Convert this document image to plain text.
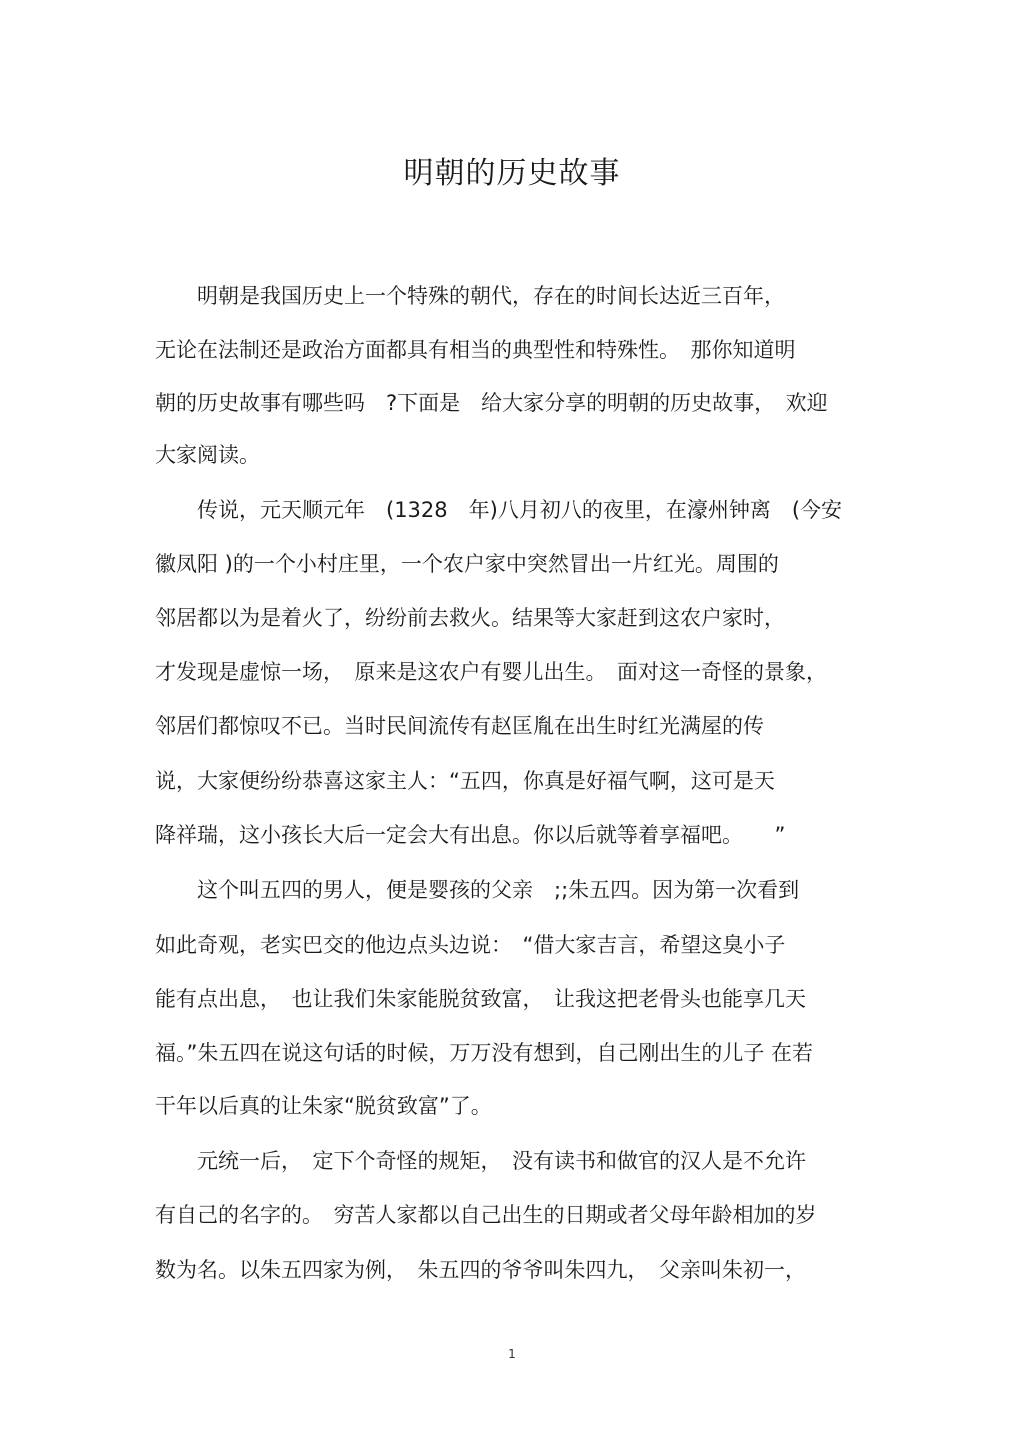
明朝的历史故事
　　明朝是我国历史上一个特殊的朝代，存在的时间长达近三百年，
无论在法制还是政治方面都具有相当的典型性和特殊性。　那你知道明
朝的历史故事有哪些吗　?下面是　给大家分享的明朝的历史故事，　欢迎
大家阅读。
　　传说，元天顺元年　(1328　年)八月初八的夜里，在濠州钟离　(今安
徽凤阳 )的一个小村庄里，一个农户家中突然冒出一片红光。周围的
邻居都以为是着火了，纷纷前去救火。结果等大家赶到这农户家时，
才发现是虚惊一场，　原来是这农户有婴儿出生。　面对这一奇怪的景象，
邻居们都惊叹不已。当时民间流传有赵匡胤在出生时红光满屋的传
说，大家便纷纷恭喜这家主人：“五四，你真是好福气啊，这可是天
降祥瑞，这小孩长大后一定会大有出息。你以后就等着享福吧。　　”
　　这个叫五四的男人，便是婴孩的父亲　;;朱五四。因为第一次看到
如此奇观，老实巴交的他边点头边说：　“借大家吉言，希望这臭小子
能有点出息，　也让我们朱家能脱贫致富，　让我这把老骨头也能享几天
福。”朱五四在说这句话的时候，万万没有想到，自己刚出生的儿子 在若
干年以后真的让朱家“脱贫致富”了。
　　元统一后，　定下个奇怪的规矩，　没有读书和做官的汉人是不允许
有自己的名字的。　穷苦人家都以自己出生的日期或者父母年龄相加的岁
数为名。以朱五四家为例，　朱五四的爷爷叫朱四九，　父亲叫朱初一，
1
